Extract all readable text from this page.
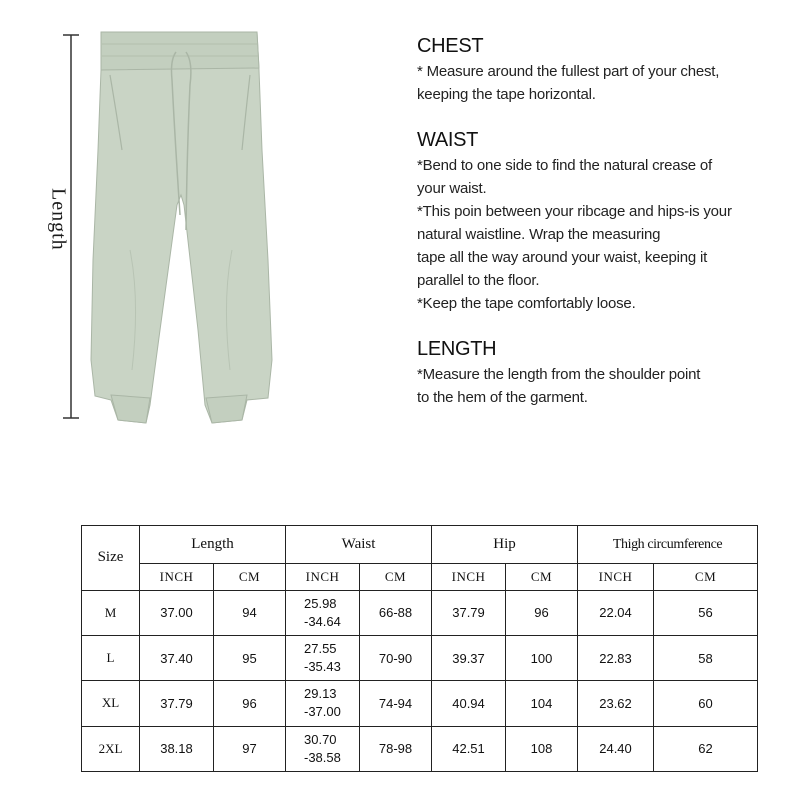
Length
CHEST
* Measure around the fullest part of your chest,
keeping the tape horizontal.
WAIST
*Bend to one side to find the natural crease of
your waist.
*This poin between your ribcage and hips-is your
natural waistline. Wrap the measuring
tape all the way around your waist, keeping it
parallel to the floor.
*Keep the tape comfortably loose.
LENGTH
*Measure the length from the shoulder point
to the hem of the garment.
Size	Length		Waist		Hip		Thigh circumference	
	INCH	CM	INCH	CM	INCH	CM	INCH	CM
M	37.00	94	25.98
-34.64	66-88	37.79	96	22.04	56
L	37.40	95	27.55
-35.43	70-90	39.37	100	22.83	58
XL	37.79	96	29.13
-37.00	74-94	40.94	104	23.62	60
2XL	38.18	97	30.70
-38.58	78-98	42.51	108	24.40	62
